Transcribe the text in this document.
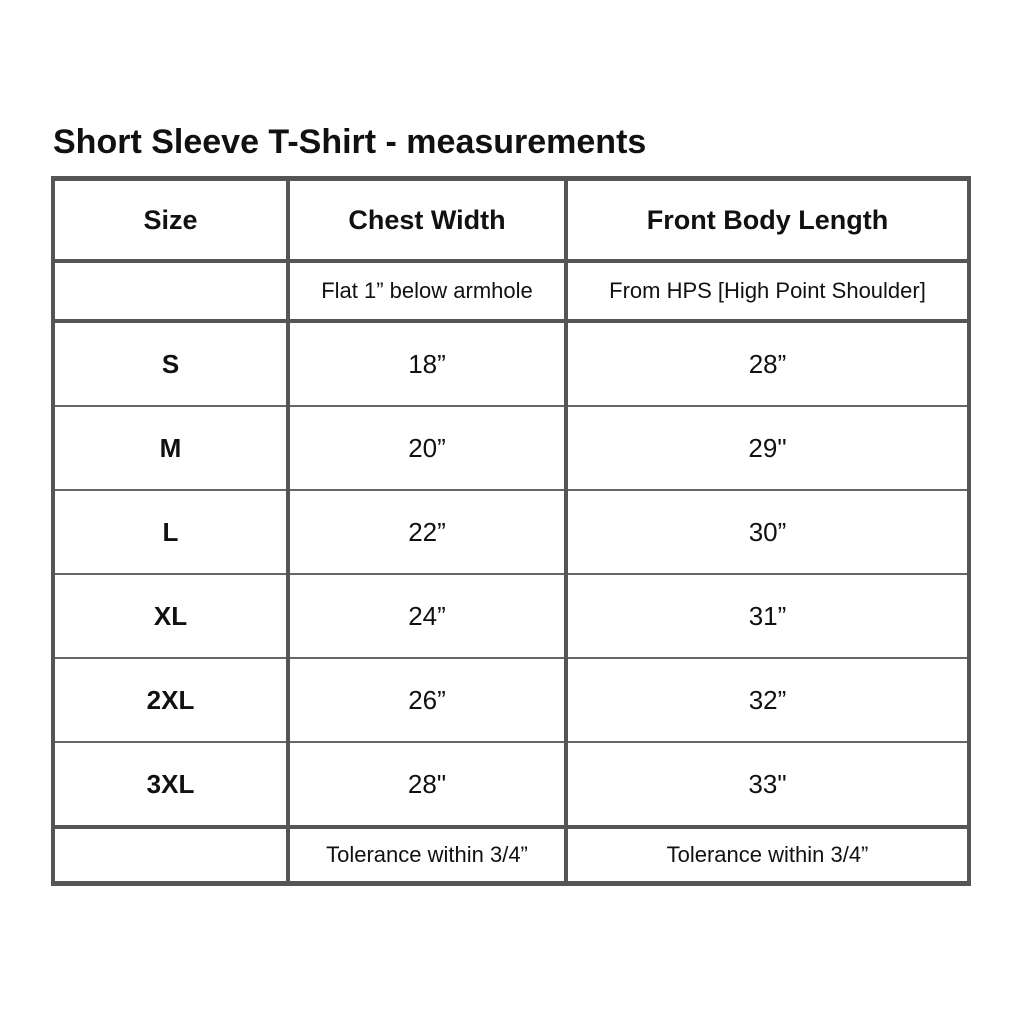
Short Sleeve T-Shirt - measurements
Size	Chest Width	Front Body Length
	Flat 1” below armhole	From HPS [High Point Shoulder]
S	18”	28”
M	20”	29"
L	22”	30”
XL	24”	31”
2XL	26”	32”
3XL	28"	33"
	Tolerance within 3/4”	Tolerance within 3/4”
